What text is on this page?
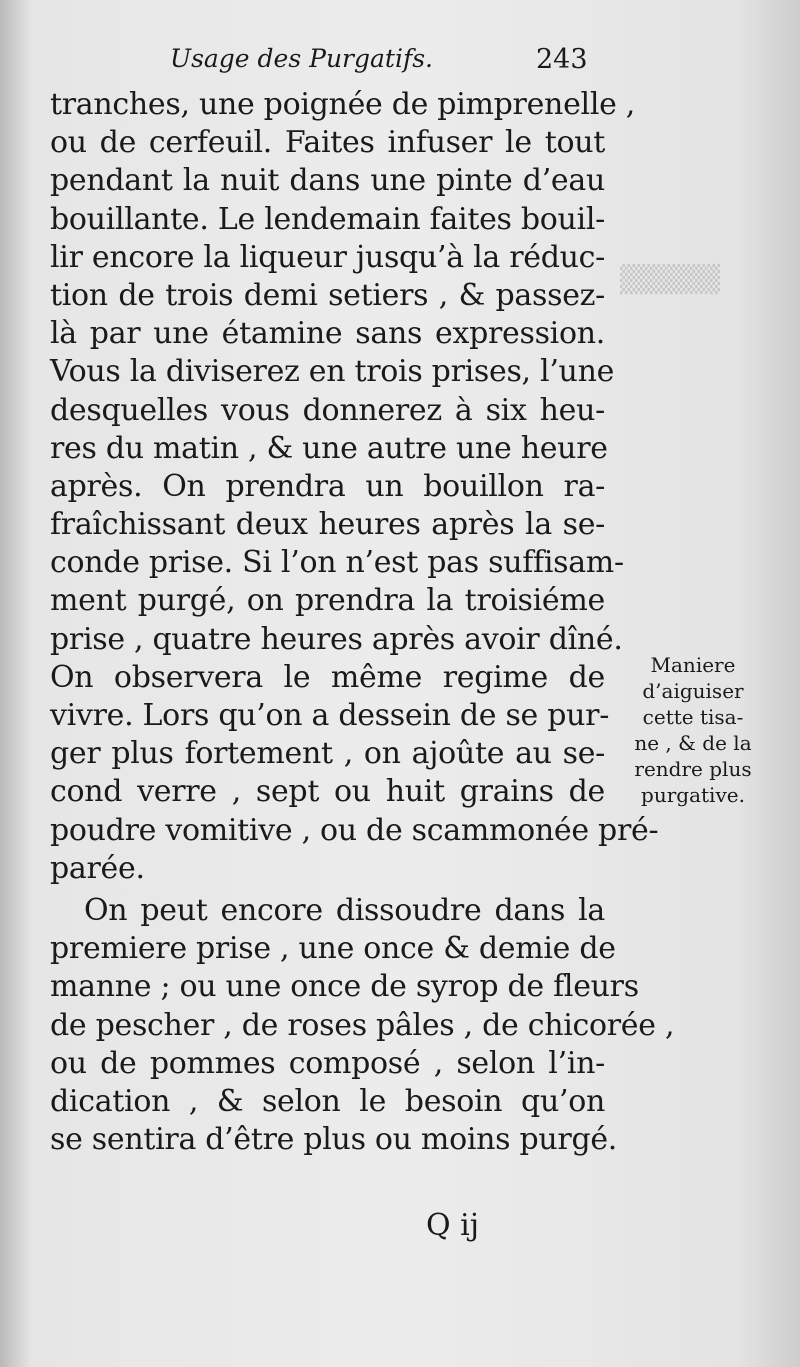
▒▒▒▒▒
Usage des Purgatifs.	243
tranches, une poignée de pimprenelle ,
ou de cerfeuil. Faites infuser le tout
pendant la nuit dans une pinte d’eau
bouillante. Le lendemain faites bouil-
lir encore la liqueur jusqu’à la réduc-
tion de trois demi setiers , & passez-
là par une étamine sans expression.
Vous la diviserez en trois prises, l’une
desquelles vous donnerez à six heu-
res du matin , & une autre une heure
après. On prendra un bouillon ra-
fraîchissant deux heures après la se-
conde prise. Si l’on n’est pas suffisam-
ment purgé, on prendra la troisiéme
prise , quatre heures après avoir dîné.
On observera le même regime de
vivre. Lors qu’on a dessein de se pur-
ger plus fortement , on ajoûte au se-
cond verre , sept ou huit grains de
poudre vomitive , ou de scammonée pré-
parée.
On peut encore dissoudre dans la
premiere prise , une once & demie de
manne ; ou une once de syrop de fleurs
de pescher , de roses pâles , de chicorée ,
ou de pommes composé , selon l’in-
dication , & selon le besoin qu’on
se sentira d’être plus ou moins purgé.
Maniere
d’aiguiser
cette tisa-
ne , & de la
rendre plus
purgative.
Q ij
